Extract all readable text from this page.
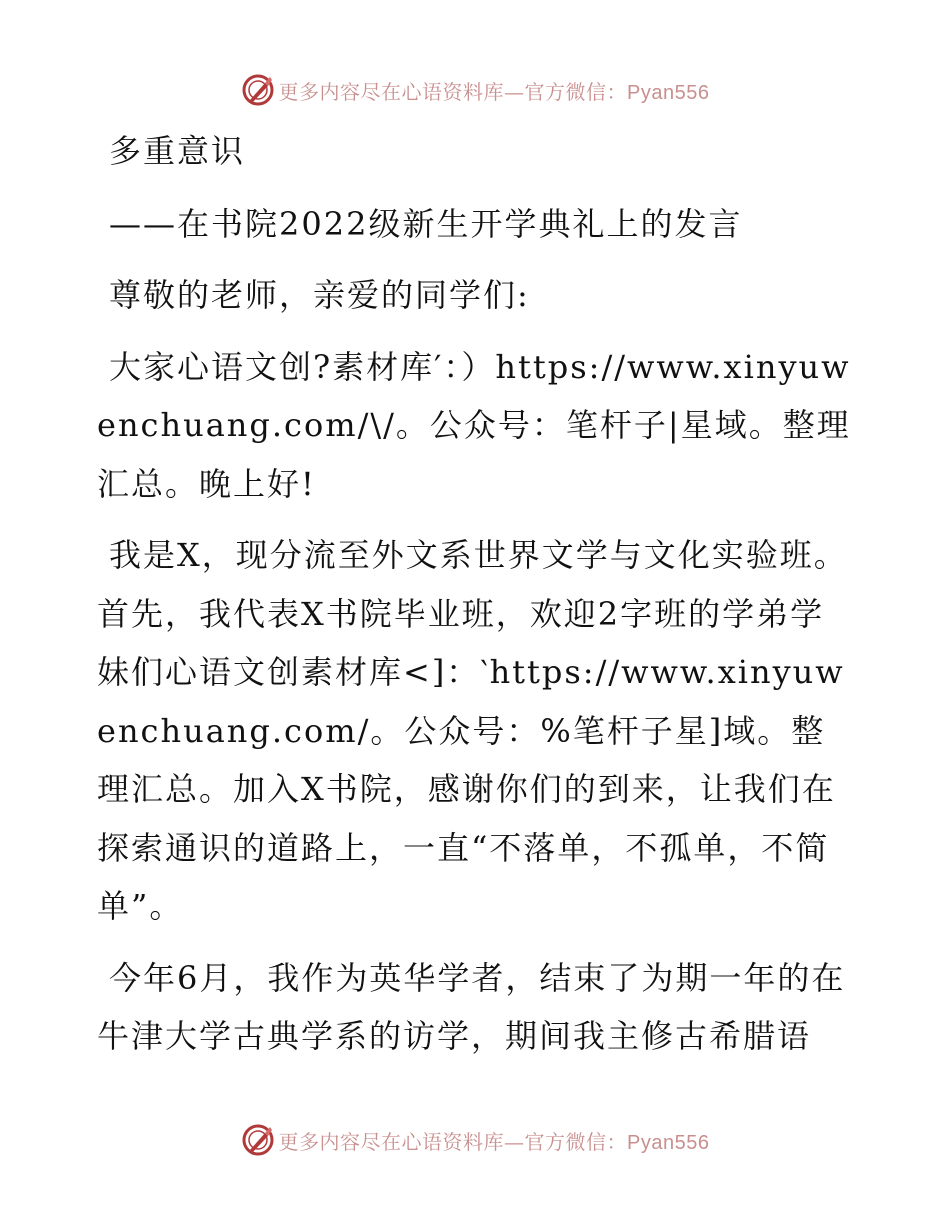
更多内容尽在心语资料库—官方微信：Pyan556
多重意识
——在书院2022级新生开学典礼上的发言
尊敬的老师，亲爱的同学们:
大家心语文创?素材库′：）https://www.xinyuwenchuang.com/\/。公众号：笔杆子|星域。整理汇总。晚上好!
我是X，现分流至外文系世界文学与文化实验班。首先，我代表X书院毕业班，欢迎2字班的学弟学妹们心语文创素材库<]：‵https://www.xinyuwenchuang.com/。公众号：%笔杆子星]域。整理汇总。加入X书院，感谢你们的到来，让我们在探索通识的道路上，一直“不落单，不孤单，不简单”。
今年6月，我作为英华学者，结束了为期一年的在牛津大学古典学系的访学，期间我主修古希腊语
更多内容尽在心语资料库—官方微信：Pyan556
